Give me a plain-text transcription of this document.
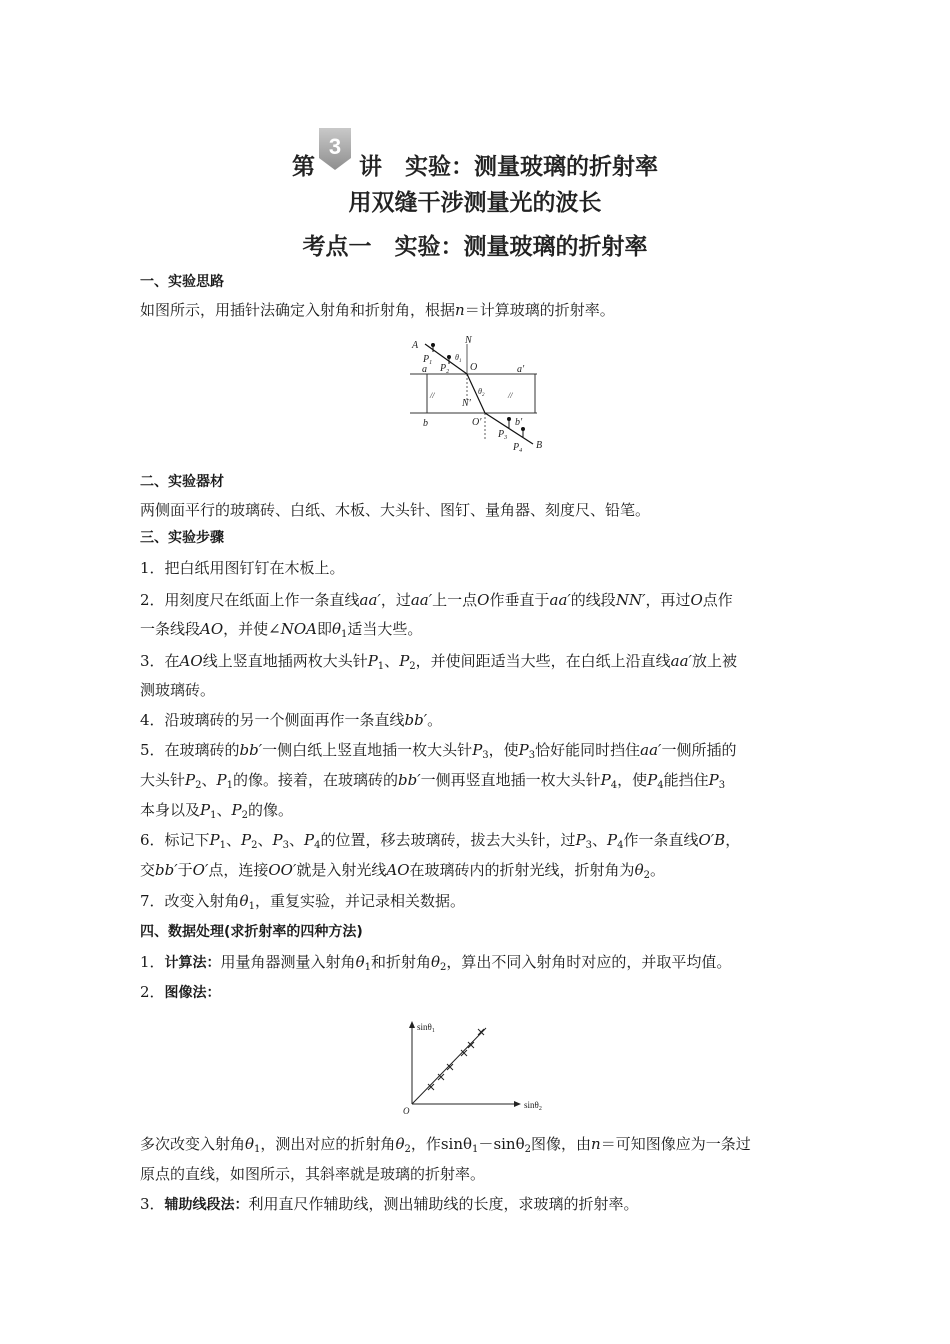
第
3
讲　实验：测量玻璃的折射率
用双缝干涉测量光的波长
考点一　实验：测量玻璃的折射率
一、实验思路
如图所示，用插针法确定入射角和折射角，根据n＝计算玻璃的折射率。
A	N
$P_1$
$\theta_1$
O
a $P_2$	a′
$\theta_2$
//	//
N′
b	O′	b′
$P_3$
$P_4$ B
二、实验器材
两侧面平行的玻璃砖、白纸、木板、大头针、图钉、量角器、刻度尺、铅笔。
三、实验步骤
1．把白纸用图钉钉在木板上。
2．用刻度尺在纸面上作一条直线aa′，过aa′上一点O作垂直于aa′的线段NN′，再过O点作
一条线段AO，并使∠NOA即$\theta_1$适当大些。
3．在AO线上竖直地插两枚大头针$P_1$、$P_2$，并使间距适当大些，在白纸上沿直线aa′放上被
测玻璃砖。
4．沿玻璃砖的另一个侧面再作一条直线bb′。
5．在玻璃砖的bb′一侧白纸上竖直地插一枚大头针$P_3$，使$P_3$恰好能同时挡住aa′一侧所插的
大头针$P_2$、$P_1$的像。接着，在玻璃砖的bb′一侧再竖直地插一枚大头针$P_4$，使$P_4$能挡住$P_3$
本身以及$P_1$、$P_2$的像。
6．标记下$P_1$、$P_2$、$P_3$、$P_4$的位置，移去玻璃砖，拔去大头针，过$P_3$、$P_4$作一条直线O′B，
交bb′于O′点，连接OO′就是入射光线AO在玻璃砖内的折射光线，折射角为$\theta_2$。
7．改变入射角$\theta_1$，重复实验，并记录相关数据。
四、数据处理(求折射率的四种方法)
1．计算法：用量角器测量入射角$\theta_1$和折射角$\theta_2$，算出不同入射角时对应的，并取平均值。
2．图像法：
sinθ$_1$
sinθ$_2$
O
多次改变入射角$\theta_1$，测出对应的折射角$\theta_2$，作sinθ$_1$－sinθ$_2$图像，由n＝可知图像应为一条过
原点的直线，如图所示，其斜率就是玻璃的折射率。
3．辅助线段法：利用直尺作辅助线，测出辅助线的长度，求玻璃的折射率。
